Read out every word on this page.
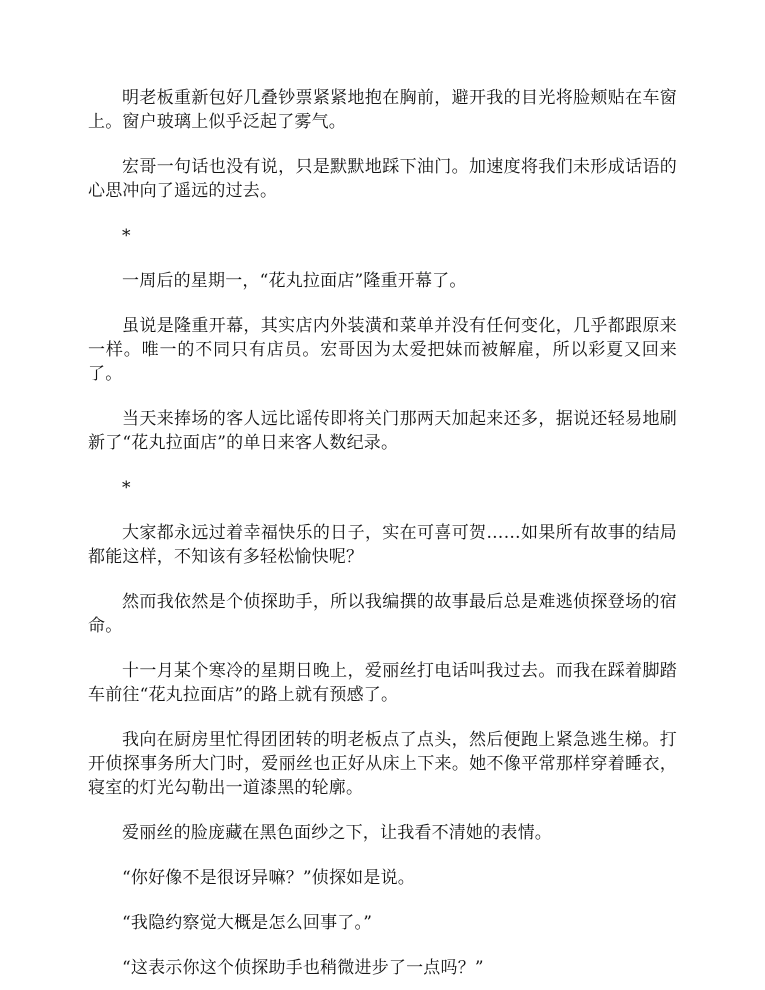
明老板重新包好几叠钞票紧紧地抱在胸前，避开我的目光将脸颊贴在车窗上。窗户玻璃上似乎泛起了雾气。

宏哥一句话也没有说，只是默默地踩下油门。加速度将我们未形成话语的心思冲向了遥远的过去。

*

一周后的星期一，“花丸拉面店”隆重开幕了。

虽说是隆重开幕，其实店内外装潢和菜单并没有任何变化，几乎都跟原来一样。唯一的不同只有店员。宏哥因为太爱把妹而被解雇，所以彩夏又回来了。

当天来捧场的客人远比谣传即将关门那两天加起来还多，据说还轻易地刷新了“花丸拉面店”的单日来客人数纪录。

*

大家都永远过着幸福快乐的日子，实在可喜可贺……如果所有故事的结局都能这样，不知该有多轻松愉快呢？

然而我依然是个侦探助手，所以我编撰的故事最后总是难逃侦探登场的宿命。

十一月某个寒冷的星期日晚上，爱丽丝打电话叫我过去。而我在踩着脚踏车前往“花丸拉面店”的路上就有预感了。

我向在厨房里忙得团团转的明老板点了点头，然后便跑上紧急逃生梯。打开侦探事务所大门时，爱丽丝也正好从床上下来。她不像平常那样穿着睡衣，寝室的灯光勾勒出一道漆黑的轮廓。

爱丽丝的脸庞藏在黑色面纱之下，让我看不清她的表情。

“你好像不是很讶异嘛？”侦探如是说。

“我隐约察觉大概是怎么回事了。”

“这表示你这个侦探助手也稍微进步了一点吗？”
